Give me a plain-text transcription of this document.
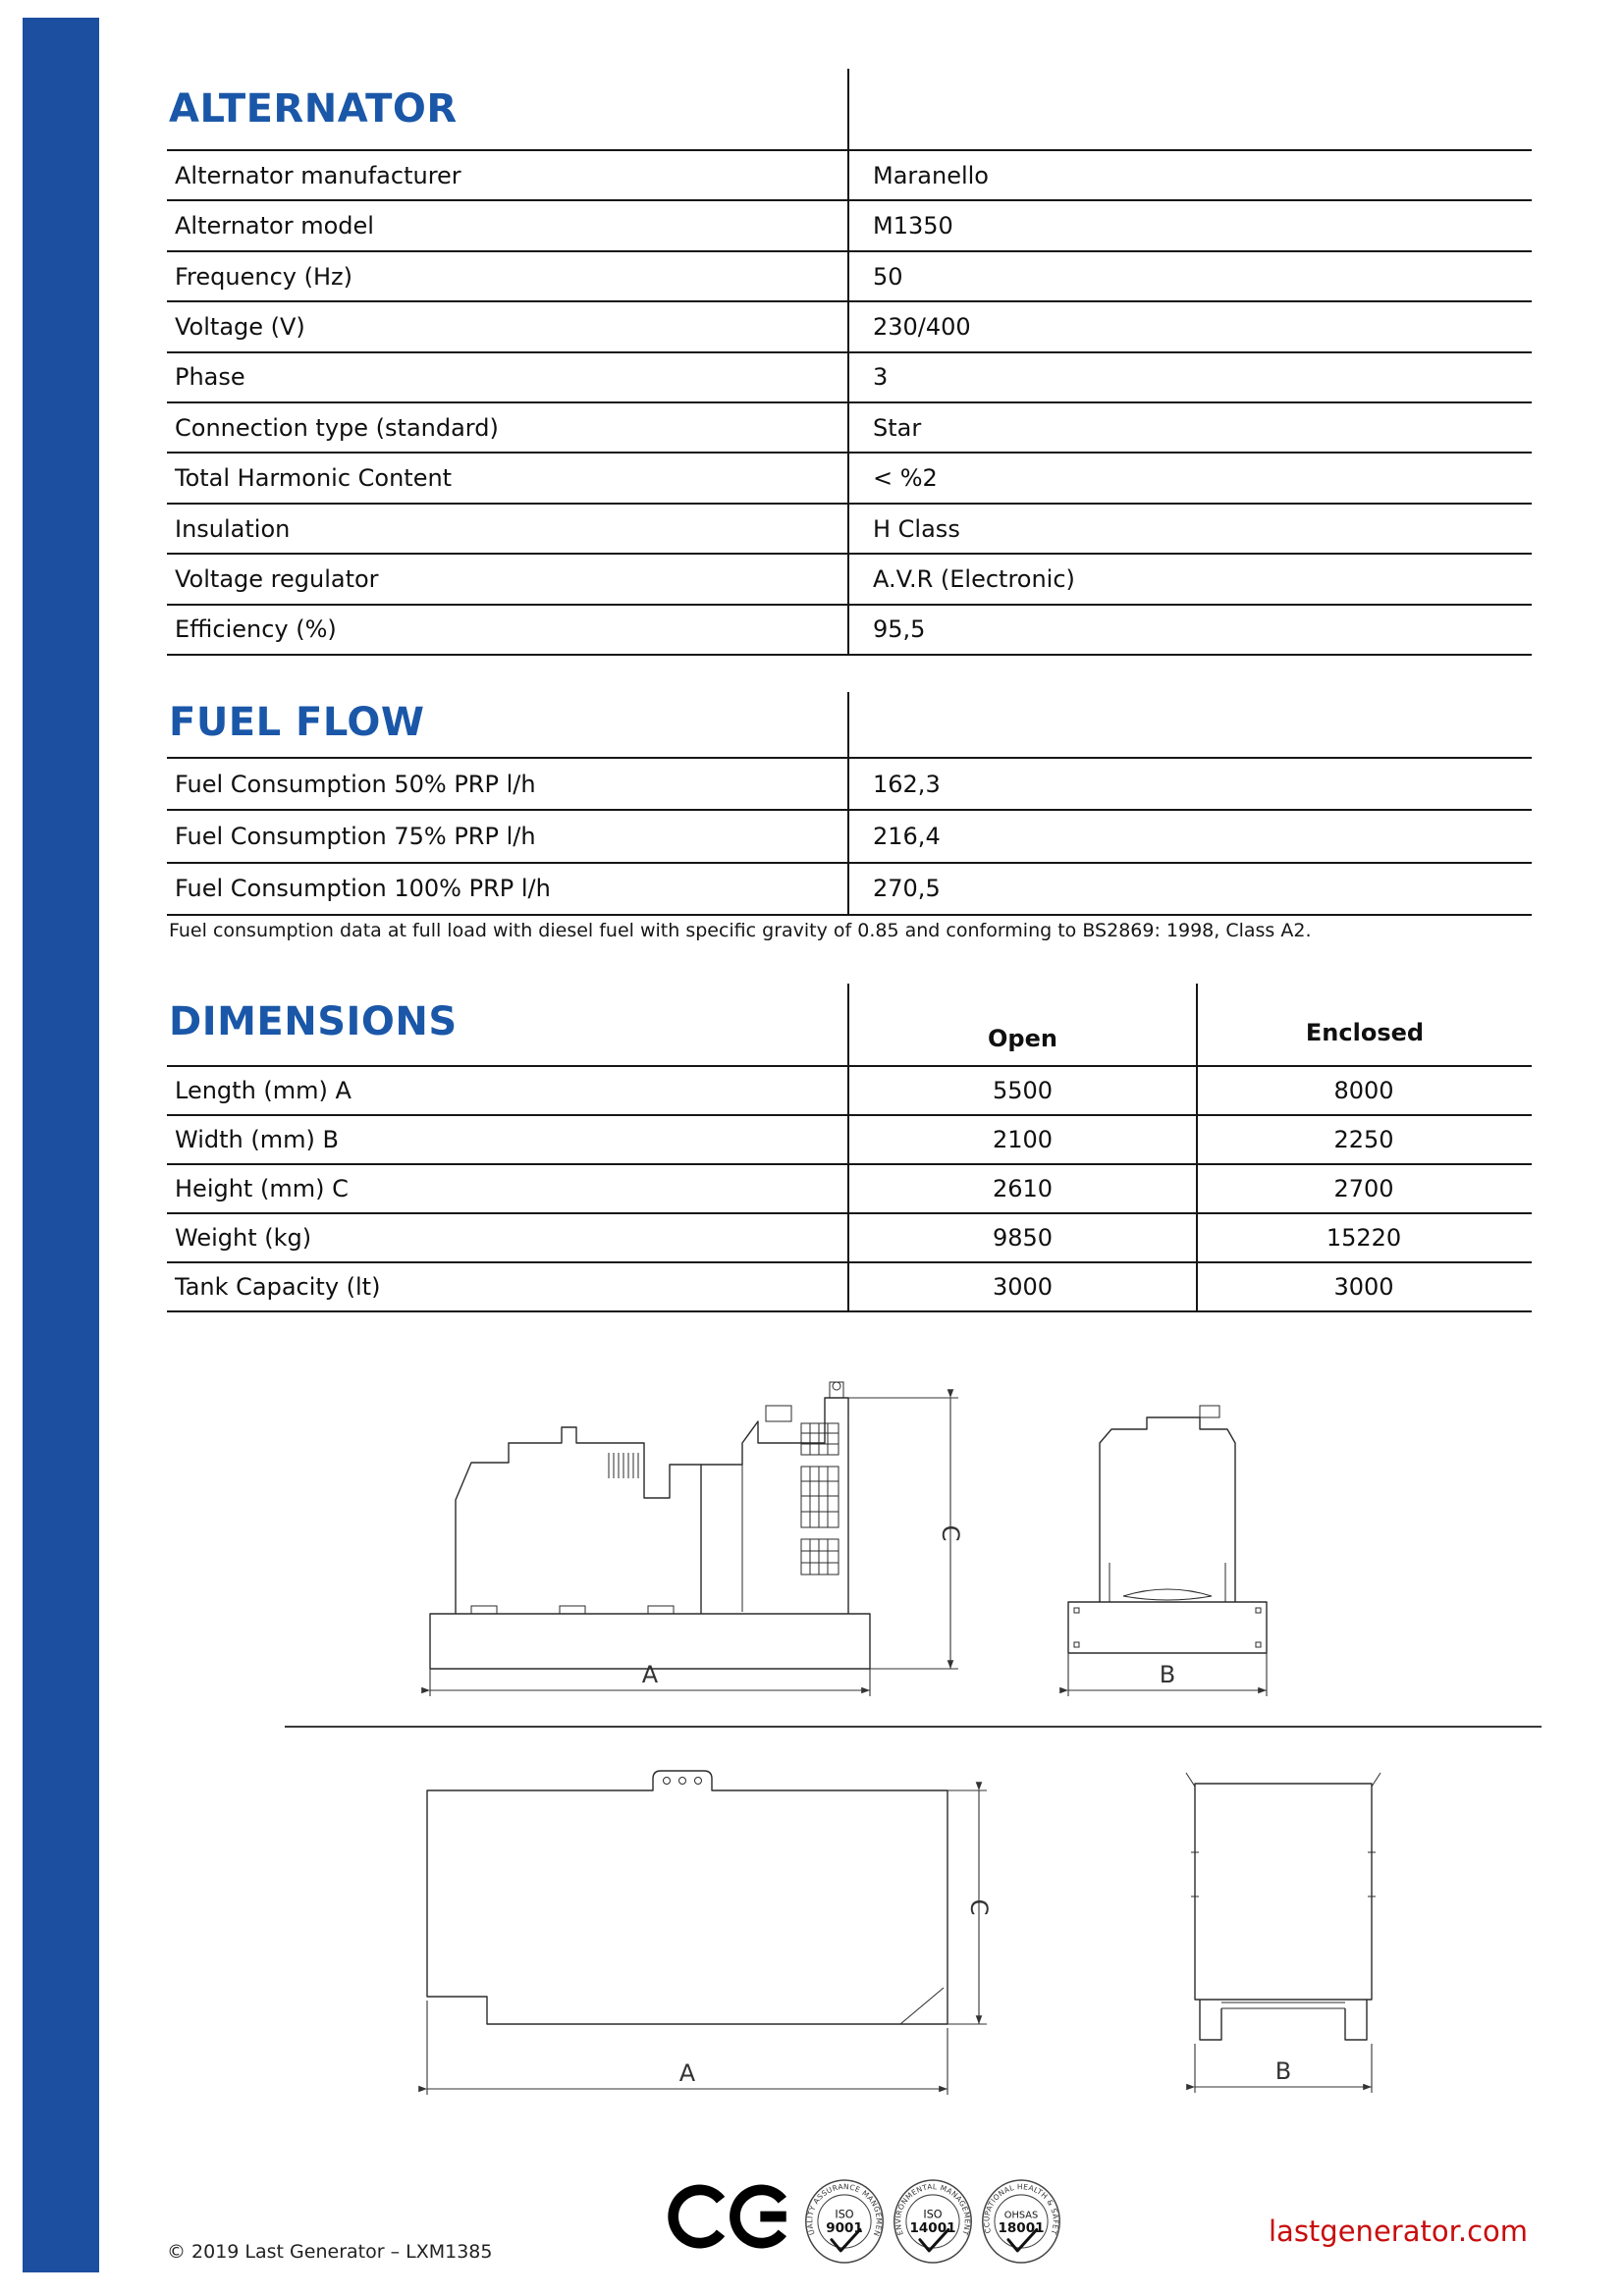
ALTERNATOR
Alternator manufacturer	Maranello
Alternator model	M1350
Frequency (Hz)	50
Voltage (V)	230/400
Phase	3
Connection type (standard)	Star
Total Harmonic Content	< %2
Insulation	H Class
Voltage regulator	A.V.R (Electronic)
Efficiency (%)	95,5
FUEL FLOW
Fuel Consumption 50% PRP l/h	162,3
Fuel Consumption 75% PRP l/h	216,4
Fuel Consumption 100% PRP l/h	270,5
Fuel consumption data at full load with diesel fuel with specific gravity of 0.85 and conforming to BS2869: 1998, Class A2.
DIMENSIONS	Open	Enclosed
Length (mm) A	5500	8000
Width (mm) B	2100	2250
Height (mm) C	2610	2700
Weight (kg)	9850	15220
Tank Capacity (lt)	3000	3000
A
C
B
C
A	B
© 2019 Last Generator – LXM1385
QUALITY ASSURANCE MANGEMENT
ISO
9001	ENVIRONMENTAL MANAGEMENT
ISO
14001
OCCUPATIONAL HEALTH & SAFETY
OHSAS
18001	lastgenerator.com
